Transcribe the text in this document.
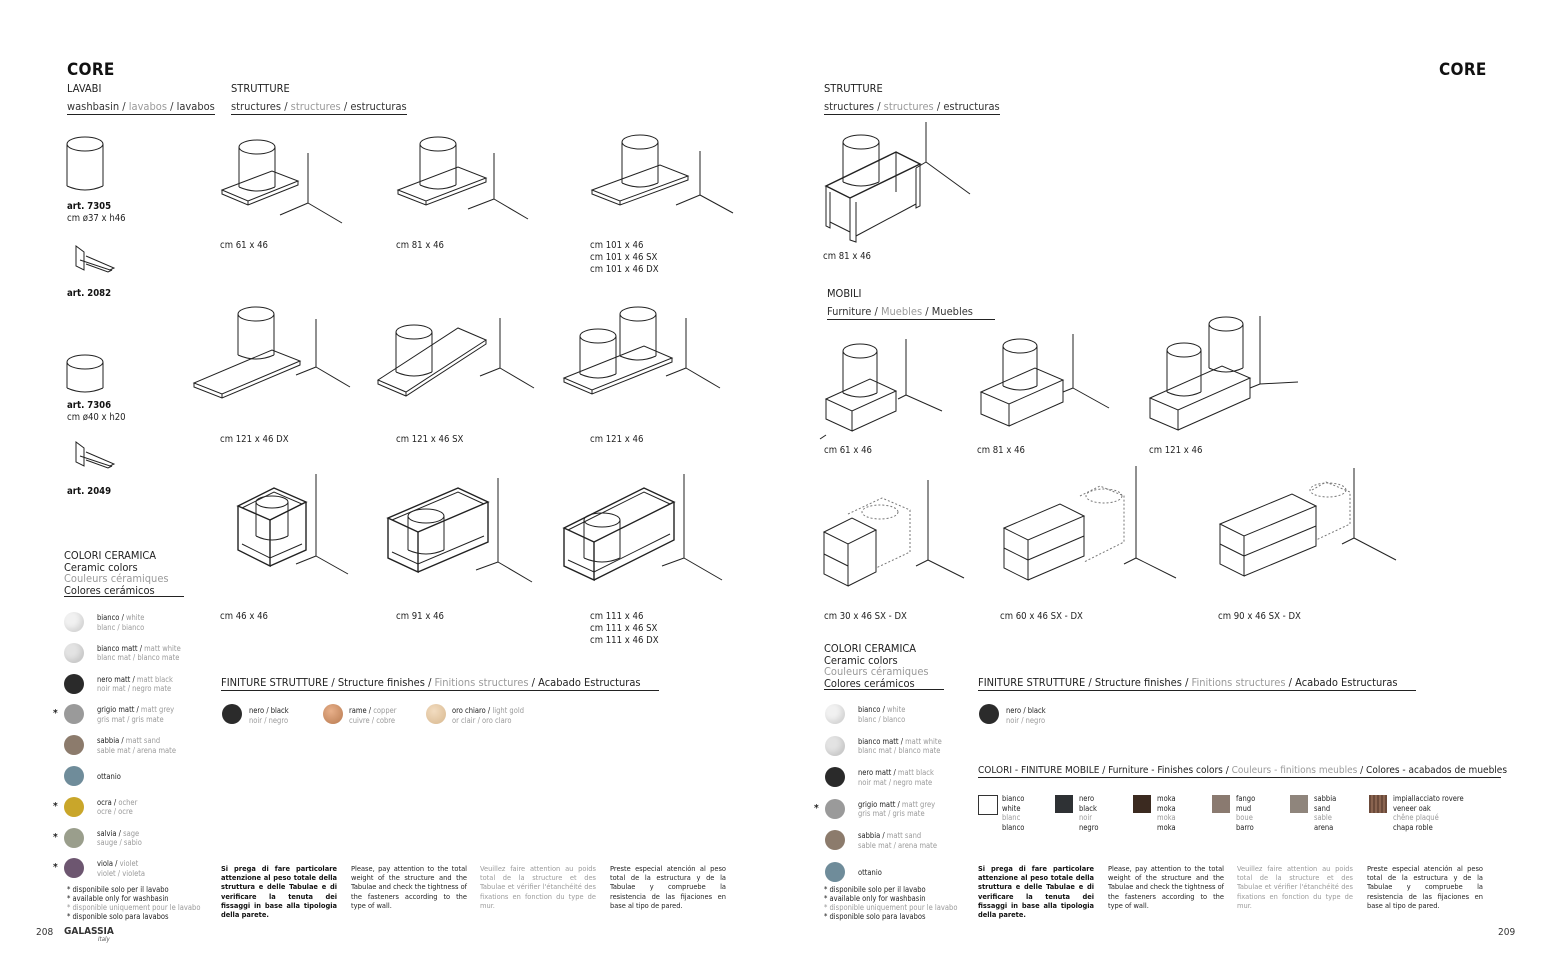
CORE
LAVABI
washbasin / lavabos / lavabos
STRUTTURE
structures / structures / estructuras
art. 7305
cm ø37 x h46
art. 2082
art. 7306
cm ø40 x h20
art. 2049
cm 61 x 46	cm 81 x 46	cm 101 x 46
cm 101 x 46 SX
cm 101 x 46 DX
cm 121 x 46 DX	cm 121 x 46 SX	cm 121 x 46
cm 46 x 46	cm 91 x 46	cm 111 x 46
cm 111 x 46 SX
cm 111 x 46 DX
COLORI CERAMICA
Ceramic colors
Couleurs céramiques
Colores cerámicos
bianco / white
blanc / bianco
bianco matt / matt white
blanc mat / blanco mate
nero matt / matt black
noir mat / negro mate
*	grigio matt / matt grey
gris mat / gris mate
sabbia / matt sand
sable mat / arena mate
ottanio
*	ocra / ocher
ocre / ocre
*	salvia / sage
sauge / sabio
*	viola / violet
violet / violeta
* disponibile solo per il lavabo
* available only for washbasin
* disponible uniquement pour le lavabo
* disponible solo para lavabos
FINITURE STRUTTURE / Structure finishes / Finitions structures / Acabado Estructuras
nero / black
noir / negro
rame / copper
cuivre / cobre
oro chiaro / light gold
or clair / oro claro
Si prega di fare particolare attenzione al peso totale della struttura e delle Tabulae e di verificare la tenuta dei fissaggi in base alla tipologia della parete.
Please, pay attention to the total weight of the structure and the Tabulae and check the tightness of the fasteners according to the type of wall.
Veuillez faire attention au poids total de la structure et des Tabulae et vérifier l'étanchéité des fixations en fonction du type de mur.
Preste especial atención al peso total de la estructura y de la Tabulae y compruebe la resistencia de las fijaciones en base al tipo de pared.
208 GALASSIA
Italy
CORE
STRUTTURE
structures / structures / estructuras
cm 81 x 46
MOBILI
Furniture / Muebles / Muebles
cm 61 x 46	cm 81 x 46	cm 121 x 46
cm 30 x 46 SX - DX	cm 60 x 46 SX - DX	cm 90 x 46 SX - DX
COLORI CERAMICA
Ceramic colors
Couleurs céramiques
Colores cerámicos
bianco / white
blanc / blanco
bianco matt / matt white
blanc mat / blanco mate
nero matt / matt black
noir mat / negro mate
*	grigio matt / matt grey
gris mat / gris mate
sabbia / matt sand
sable mat / arena mate
ottanio
* disponibile solo per il lavabo
* available only for washbasin
* disponible uniquement pour le lavabo
* disponible solo para lavabos
FINITURE STRUTTURE / Structure finishes / Finitions structures / Acabado Estructuras
nero / black
noir / negro
COLORI - FINITURE MOBILE / Furniture - Finishes colors / Couleurs - finitions meubles / Colores - acabados de muebles
bianco
white
blanc
blanco
nero
black
noir
negro
moka
moka
moka
moka
fango
mud
boue
barro
sabbia
sand
sable
arena
impiallacciato rovere
veneer oak
chêne plaqué
chapa roble
Si prega di fare particolare attenzione al peso totale della struttura e delle Tabulae e di verificare la tenuta dei fissaggi in base alla tipologia della parete.
Please, pay attention to the total weight of the structure and the Tabulae and check the tightness of the fasteners according to the type of wall.
Veuillez faire attention au poids total de la structure et des Tabulae et vérifier l'étanchéité des fixations en fonction du type de mur.
Preste especial atención al peso total de la estructura y de la Tabulae y compruebe la resistencia de las fijaciones en base al tipo de pared.
209
